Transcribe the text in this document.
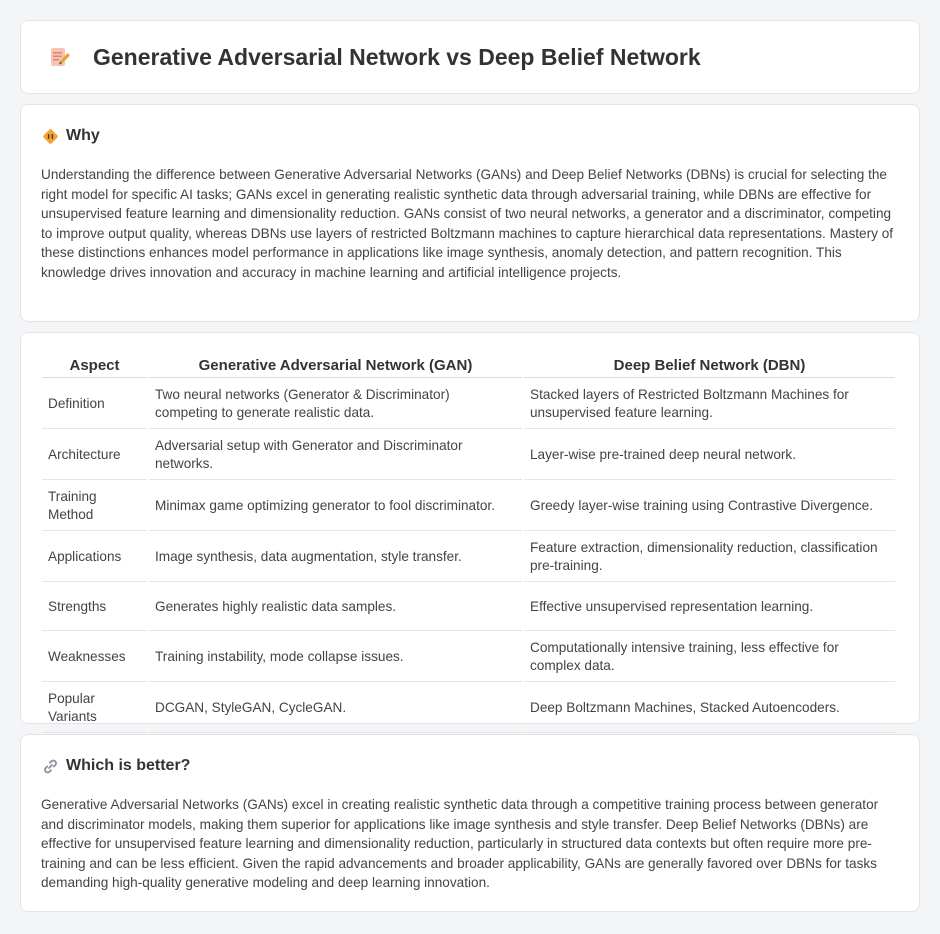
Generative Adversarial Network vs Deep Belief Network
Why

Understanding the difference between Generative Adversarial Networks (GANs) and Deep Belief Networks (DBNs) is crucial for selecting the right model for specific AI tasks; GANs excel in generating realistic synthetic data through adversarial training, while DBNs are effective for unsupervised feature learning and dimensionality reduction. GANs consist of two neural networks, a generator and a discriminator, competing to improve output quality, whereas DBNs use layers of restricted Boltzmann machines to capture hierarchical data representations. Mastery of these distinctions enhances model performance in applications like image synthesis, anomaly detection, and pattern recognition. This knowledge drives innovation and accuracy in machine learning and artificial intelligence projects.

Aspect	Generative Adversarial Network (GAN)	Deep Belief Network (DBN)
Definition	Two neural networks (Generator & Discriminator) competing to generate realistic data.	Stacked layers of Restricted Boltzmann Machines for unsupervised feature learning.
Architecture	Adversarial setup with Generator and Discriminator networks.	Layer-wise pre-trained deep neural network.
Training Method	Minimax game optimizing generator to fool discriminator.	Greedy layer-wise training using Contrastive Divergence.
Applications	Image synthesis, data augmentation, style transfer.	Feature extraction, dimensionality reduction, classification pre-training.
Strengths	Generates highly realistic data samples.	Effective unsupervised representation learning.
Weaknesses	Training instability, mode collapse issues.	Computationally intensive training, less effective for complex data.
Popular Variants	DCGAN, StyleGAN, CycleGAN.	Deep Boltzmann Machines, Stacked Autoencoders.
Which is better?

Generative Adversarial Networks (GANs) excel in creating realistic synthetic data through a competitive training process between generator and discriminator models, making them superior for applications like image synthesis and style transfer. Deep Belief Networks (DBNs) are effective for unsupervised feature learning and dimensionality reduction, particularly in structured data contexts but often require more pre-training and can be less efficient. Given the rapid advancements and broader applicability, GANs are generally favored over DBNs for tasks demanding high-quality generative modeling and deep learning innovation.
